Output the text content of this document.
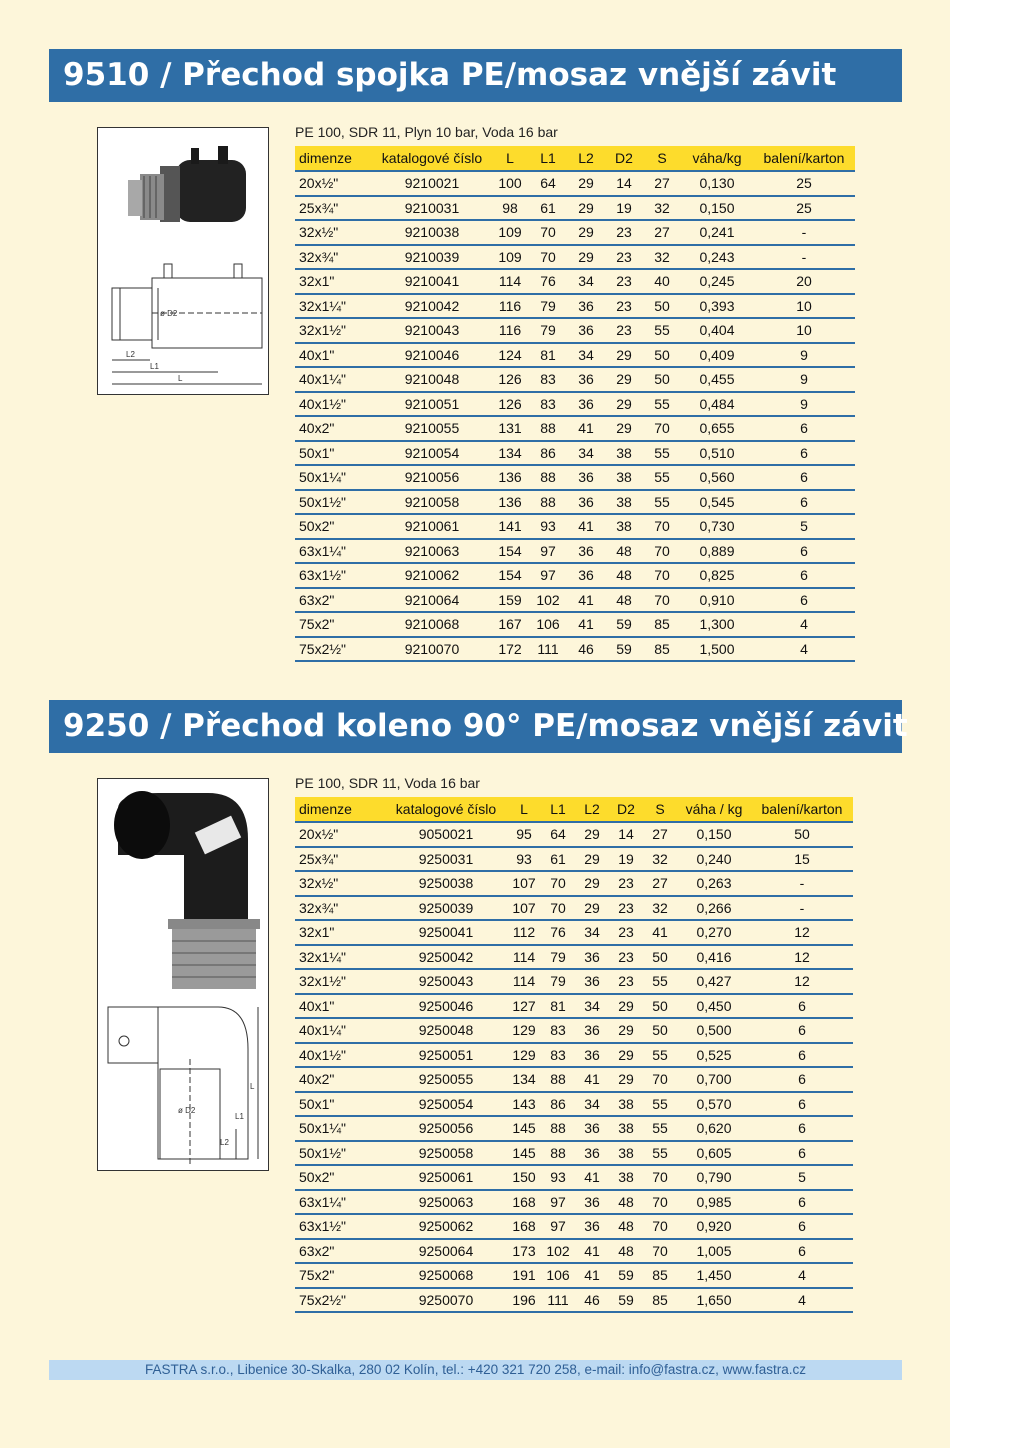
9510 / Přechod spojka PE/mosaz vnější závit
ø D2
L2
L1
L
PE 100, SDR 11, Plyn 10 bar, Voda 16 bar
dimenze	katalogové číslo	L	L1	L2	D2	S	váha/kg	balení/karton
20x½"	9210021	100	64	29	14	27	0,130	25
25x¾"	9210031	98	61	29	19	32	0,150	25
32x½"	9210038	109	70	29	23	27	0,241	-
32x¾"	9210039	109	70	29	23	32	0,243	-
32x1"	9210041	114	76	34	23	40	0,245	20
32x1¼"	9210042	116	79	36	23	50	0,393	10
32x1½"	9210043	116	79	36	23	55	0,404	10
40x1"	9210046	124	81	34	29	50	0,409	9
40x1¼"	9210048	126	83	36	29	50	0,455	9
40x1½"	9210051	126	83	36	29	55	0,484	9
40x2"	9210055	131	88	41	29	70	0,655	6
50x1"	9210054	134	86	34	38	55	0,510	6
50x1¼"	9210056	136	88	36	38	55	0,560	6
50x1½"	9210058	136	88	36	38	55	0,545	6
50x2"	9210061	141	93	41	38	70	0,730	5
63x1¼"	9210063	154	97	36	48	70	0,889	6
63x1½"	9210062	154	97	36	48	70	0,825	6
63x2"	9210064	159	102	41	48	70	0,910	6
75x2"	9210068	167	106	41	59	85	1,300	4
75x2½"	9210070	172	111	46	59	85	1,500	4
9250 / Přechod koleno 90° PE/mosaz vnější závit
ø D2
L2
L1
L
PE 100, SDR 11, Voda 16 bar
dimenze	katalogové číslo	L	L1	L2	D2	S	váha / kg	balení/karton
20x½"	9050021	95	64	29	14	27	0,150	50
25x¾"	9250031	93	61	29	19	32	0,240	15
32x½"	9250038	107	70	29	23	27	0,263	-
32x¾"	9250039	107	70	29	23	32	0,266	-
32x1"	9250041	112	76	34	23	41	0,270	12
32x1¼"	9250042	114	79	36	23	50	0,416	12
32x1½"	9250043	114	79	36	23	55	0,427	12
40x1"	9250046	127	81	34	29	50	0,450	6
40x1¼"	9250048	129	83	36	29	50	0,500	6
40x1½"	9250051	129	83	36	29	55	0,525	6
40x2"	9250055	134	88	41	29	70	0,700	6
50x1"	9250054	143	86	34	38	55	0,570	6
50x1¼"	9250056	145	88	36	38	55	0,620	6
50x1½"	9250058	145	88	36	38	55	0,605	6
50x2"	9250061	150	93	41	38	70	0,790	5
63x1¼"	9250063	168	97	36	48	70	0,985	6
63x1½"	9250062	168	97	36	48	70	0,920	6
63x2"	9250064	173	102	41	48	70	1,005	6
75x2"	9250068	191	106	41	59	85	1,450	4
75x2½"	9250070	196	111	46	59	85	1,650	4
FASTRA s.r.o., Libenice 30-Skalka, 280 02 Kolín, tel.: +420 321 720 258, e-mail: info@fastra.cz, www.fastra.cz
